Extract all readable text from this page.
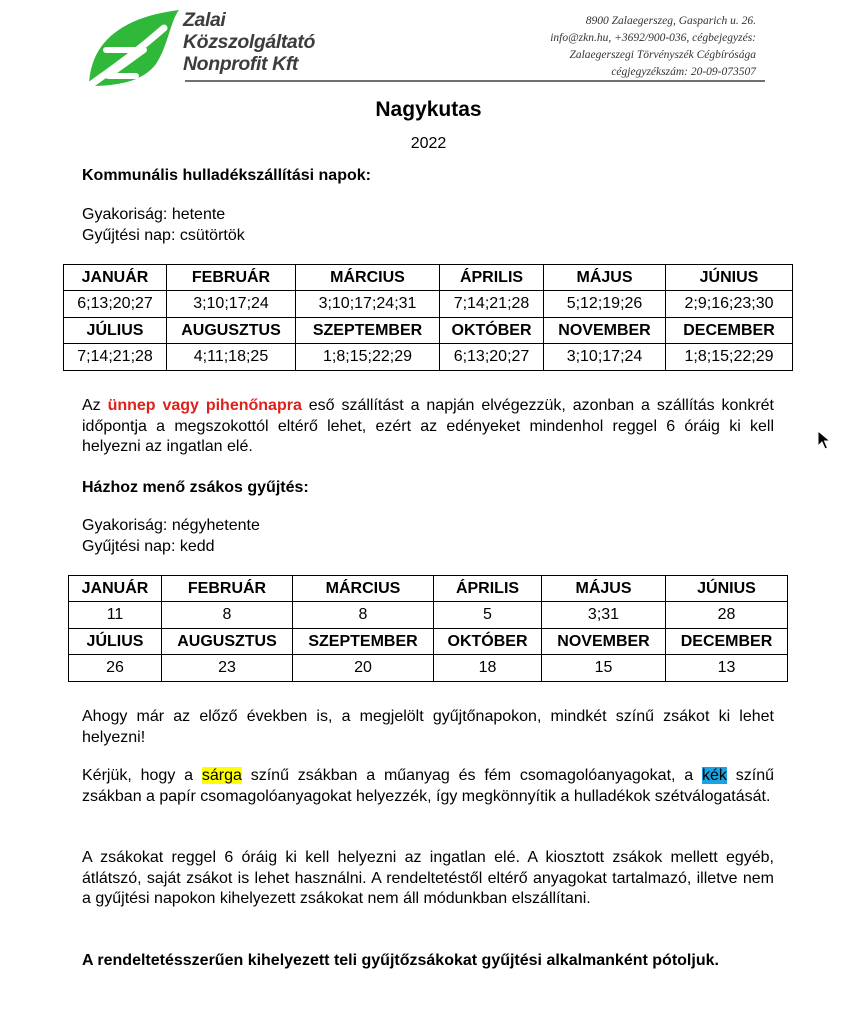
Zalai
Közszolgáltató
Nonprofit Kft
8900 Zalaegerszeg, Gasparich u. 26.
info@zkn.hu, +3692/900-036, cégbejegyzés:
Zalaegerszegi Törvényszék Cégbírósága
cégjegyzékszám: 20-09-073507
Nagykutas
2022
Kommunális hulladékszállítási napok:
Gyakoriság: hetente
Gyűjtési nap: csütörtök
JANUÁR	FEBRUÁR	MÁRCIUS	ÁPRILIS	MÁJUS	JÚNIUS
6;13;20;27	3;10;17;24	3;10;17;24;31	7;14;21;28	5;12;19;26	2;9;16;23;30
JÚLIUS	AUGUSZTUS	SZEPTEMBER	OKTÓBER	NOVEMBER	DECEMBER
7;14;21;28	4;11;18;25	1;8;15;22;29	6;13;20;27	3;10;17;24	1;8;15;22;29
Az ünnep vagy pihenőnapra eső szállítást a napján elvégezzük, azonban a szállítás konkrét időpontja a megszokottól eltérő lehet, ezért az edényeket mindenhol reggel 6 óráig ki kell helyezni az ingatlan elé.
Házhoz menő zsákos gyűjtés:
Gyakoriság: négyhetente
Gyűjtési nap: kedd
JANUÁR	FEBRUÁR	MÁRCIUS	ÁPRILIS	MÁJUS	JÚNIUS
11	8	8	5	3;31	28
JÚLIUS	AUGUSZTUS	SZEPTEMBER	OKTÓBER	NOVEMBER	DECEMBER
26	23	20	18	15	13
Ahogy már az előző években is, a megjelölt gyűjtőnapokon, mindkét színű zsákot ki lehet helyezni!
Kérjük, hogy a sárga színű zsákban a műanyag és fém csomagolóanyagokat, a kék színű zsákban a papír csomagolóanyagokat helyezzék, így megkönnyítik a hulladékok szétválogatását.
A zsákokat reggel 6 óráig ki kell helyezni az ingatlan elé. A kiosztott zsákok mellett egyéb, átlátszó, saját zsákot is lehet használni. A rendeltetéstől eltérő anyagokat tartalmazó, illetve nem a gyűjtési napokon kihelyezett zsákokat nem áll módunkban elszállítani.
A rendeltetésszerűen kihelyezett teli gyűjtőzsákokat gyűjtési alkalmanként pótoljuk.
